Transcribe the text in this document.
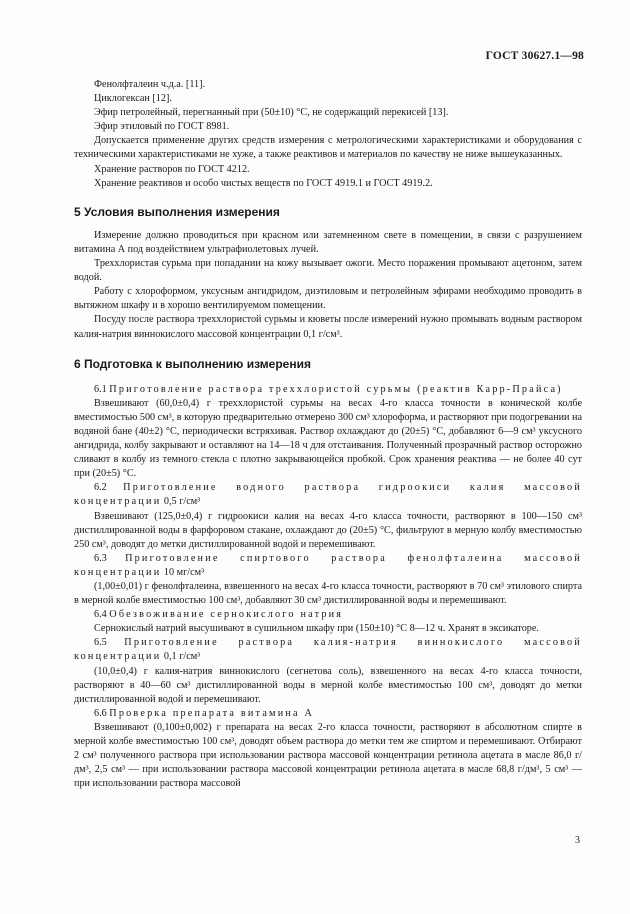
ГОСТ 30627.1—98

Фенолфталеин ч.д.а. [11].

Циклогексан [12].

Эфир петролейный, перегнанный при (50±10) °С, не содержащий перекисей [13].

Эфир этиловый по ГОСТ 8981.

Допускается применение других средств измерения с метрологическими характеристиками и оборудования с техническими характеристиками не хуже, а также реактивов и материалов по качеству не ниже вышеуказанных.

Хранение растворов по ГОСТ 4212.

Хранение реактивов и особо чистых веществ по ГОСТ 4919.1 и ГОСТ 4919.2.

5 Условия выполнения измерения

Измерение должно проводиться при красном или затемненном свете в помещении, в связи с разрушением витамина А под воздействием ультрафиолетовых лучей.

Треххлористая сурьма при попадании на кожу вызывает ожоги. Место поражения промывают ацетоном, затем водой.

Работу с хлороформом, уксусным ангидридом, диэтиловым и петролейным эфирами необходимо проводить в вытяжном шкафу и в хорошо вентилируемом помещении.

Посуду после раствора треххлористой сурьмы и кюветы после измерений нужно промывать водным раствором калия-натрия виннокислого массовой концентрации 0,1 г/см³.

6 Подготовка к выполнению измерения

6.1 Приготовление раствора треххлористой сурьмы (реактив Карр-Прайса)

Взвешивают (60,0±0,4) г треххлористой сурьмы на весах 4-го класса точности в конической колбе вместимостью 500 см³, в которую предварительно отмерено 300 см³ хлороформа, и растворяют при подогревании на водяной бане (40±2) °С, периодически встряхивая. Раствор охлаждают до (20±5) °С, добавляют 6—9 см³ уксусного ангидрида, колбу закрывают и оставляют на 14—18 ч для отстаивания. Полученный прозрачный раствор осторожно сливают в колбу из темного стекла с плотно закрывающейся пробкой. Срок хранения реактива — не более 40 сут при (20±5) °С.

6.2 Приготовление водного раствора гидроокиси калия массовой концентрации 0,5 г/см³

Взвешивают (125,0±0,4) г гидроокиси калия на весах 4-го класса точности, растворяют в 100—150 см³ дистиллированной воды в фарфоровом стакане, охлаждают до (20±5) °С, фильтруют в мерную колбу вместимостью 250 см³, доводят до метки дистиллированной водой и перемешивают.

6.3 Приготовление спиртового раствора фенолфталеина массовой концентрации 10 мг/см³

(1,00±0,01) г фенолфталеина, взвешенного на весах 4-го класса точности, растворяют в 70 см³ этилового спирта в мерной колбе вместимостью 100 см³, добавляют 30 см³ дистиллированной воды и перемешивают.

6.4 Обезвоживание сернокислого натрия

Сернокислый натрий высушивают в сушильном шкафу при (150±10) °С 8—12 ч. Хранят в эксикаторе.

6.5 Приготовление раствора калия-натрия виннокислого массовой концентрации 0,1 г/см³

(10,0±0,4) г калия-натрия виннокислого (сегнетова соль), взвешенного на весах 4-го класса точности, растворяют в 40—60 см³ дистиллированной воды в мерной колбе вместимостью 100 см³, доводят до метки дистиллированной водой и перемешивают.

6.6 Проверка препарата витамина А

Взвешивают (0,100±0,002) г препарата на весах 2-го класса точности, растворяют в абсолютном спирте в мерной колбе вместимостью 100 см³, доводят объем раствора до метки тем же спиртом и перемешивают. Отбирают 2 см³ полученного раствора при использовании раствора массовой концентрации ретинола ацетата в масле 86,0 г/дм³, 2,5 см³ — при использовании раствора массовой концентрации ретинола ацетата в масле 68,8 г/дм³, 5 см³ — при использовании раствора массовой

3
